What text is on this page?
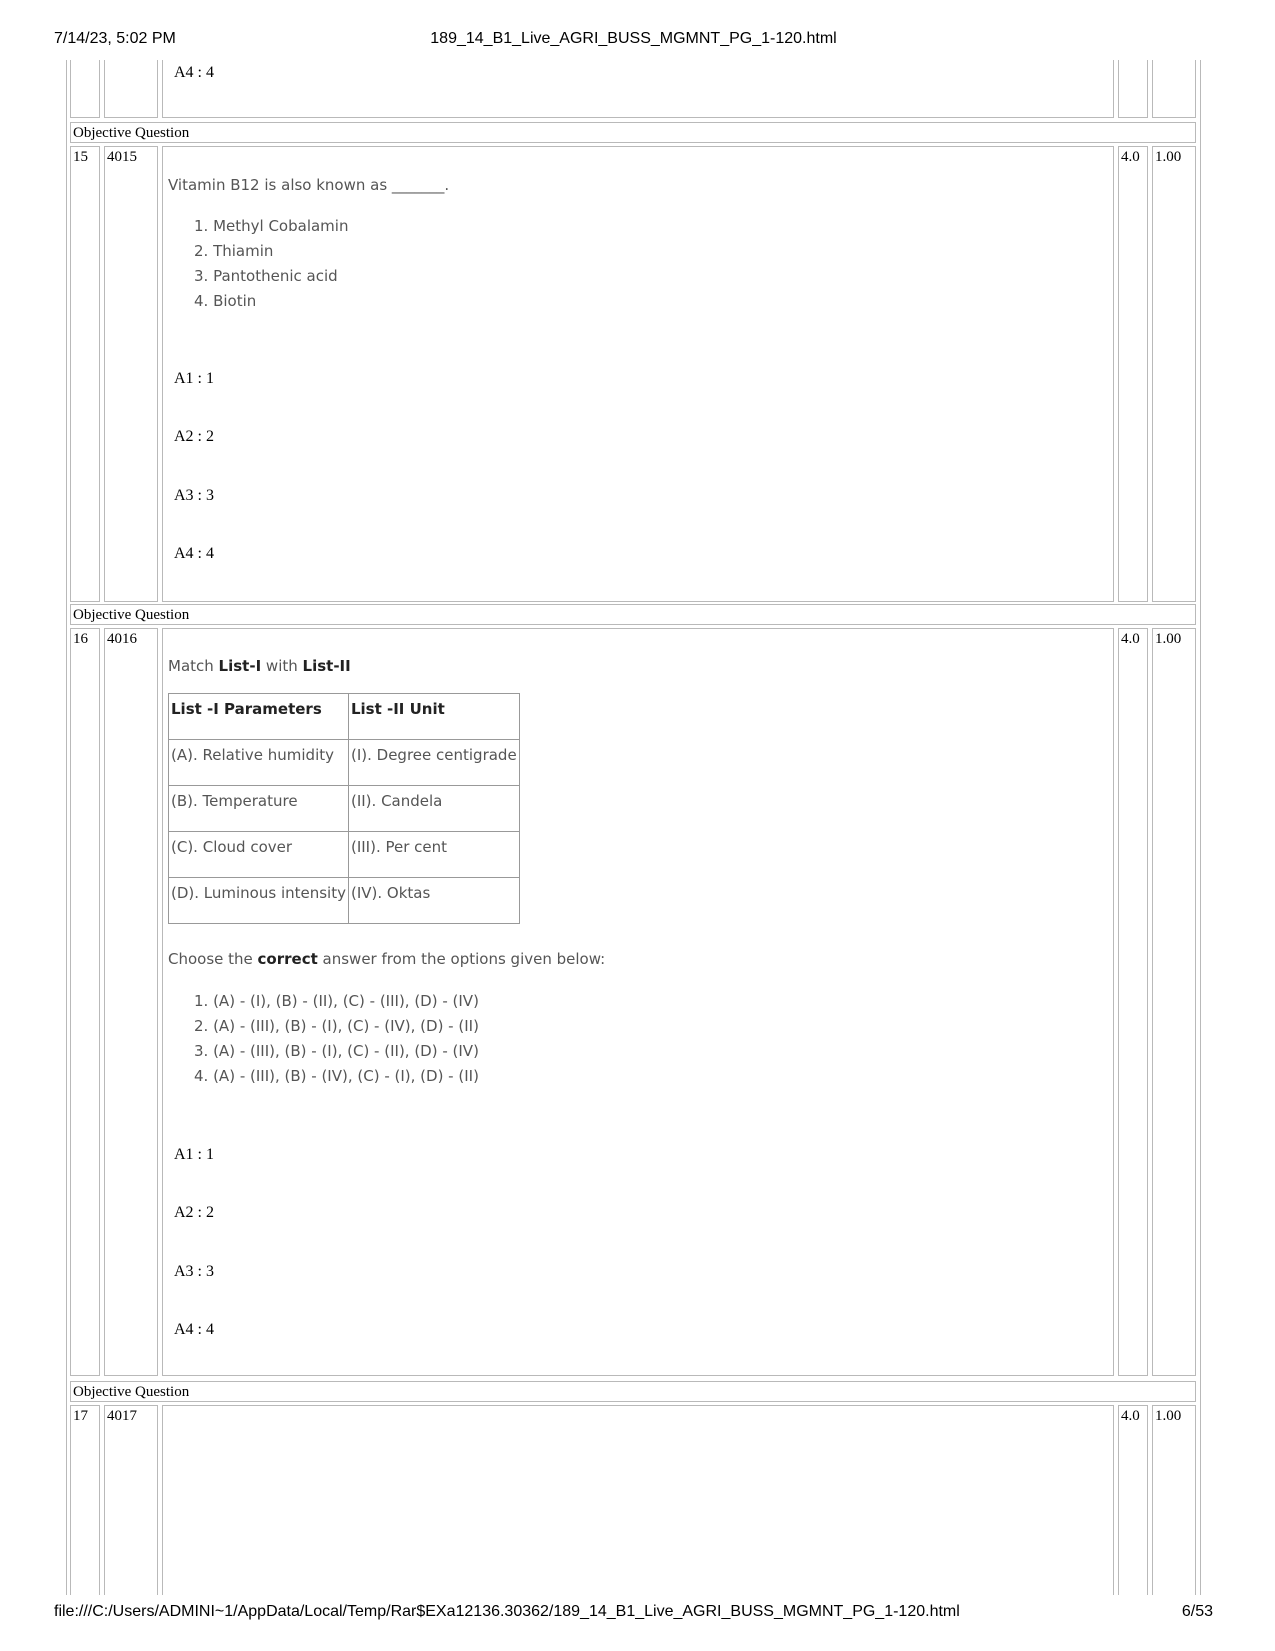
7/14/23, 5:02 PM	189_14_B1_Live_AGRI_BUSS_MGMNT_PG_1-120.html
A4 : 4
Objective Question
15 4015	4.0 1.00
Vitamin B12 is also known as _______.
1. Methyl Cobalamin
2. Thiamin
3. Pantothenic acid
4. Biotin
A1 : 1
A2 : 2
A3 : 3
A4 : 4
Objective Question
16 4016	4.0 1.00
Match List-I with List-II
List -I Parameters	List -II Unit
(A). Relative humidity	(I). Degree centigrade
(B). Temperature	(II). Candela
(C). Cloud cover	(III). Per cent
(D). Luminous intensity	(IV). Oktas
Choose the correct answer from the options given below:
1. (A) - (I), (B) - (II), (C) - (III), (D) - (IV)
2. (A) - (III), (B) - (I), (C) - (IV), (D) - (II)
3. (A) - (III), (B) - (I), (C) - (II), (D) - (IV)
4. (A) - (III), (B) - (IV), (C) - (I), (D) - (II)
A1 : 1
A2 : 2
A3 : 3
A4 : 4
Objective Question
17 4017	4.0 1.00
file:///C:/Users/ADMINI~1/AppData/Local/Temp/Rar$EXa12136.30362/189_14_B1_Live_AGRI_BUSS_MGMNT_PG_1-120.html	6/53
